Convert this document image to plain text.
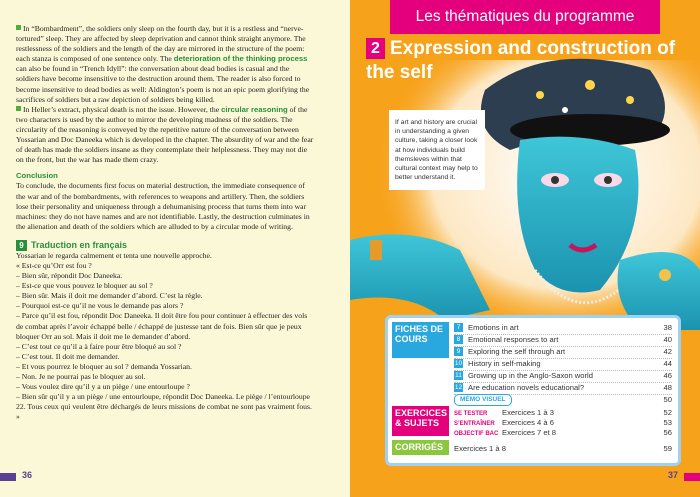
In “Bombardment”, the soldiers only sleep on the fourth day, but it is a restless and “nerve-tortured” sleep. They are affected by sleep deprivation and cannot think straight anymore. The restlessness of the soldiers and the length of the day are mirrored in the structure of the poem: each stanza is composed of one sentence only. The deterioration of the thinking process can also be found in “Trench Idyll”: the conversation about dead bodies is casual and the soldiers have become insensitive to the destruction around them. The reader is also forced to become insensitive to dead bodies as well: Aldington’s poem is not an epic poem glorifying the sacrifices of soldiers but a raw depiction of soldiers being killed.

In Heller’s extract, physical death is not the issue. However, the circular reasoning of the two characters is used by the author to mirror the developing madness of the soldiers. The circularity of the reasoning is conveyed by the repetitive nature of the conversation between Yossarian and Doc Daneeka which is developed in the chapter. The absurdity of war and the fear of death has made the soldiers insane as they contemplate their helplessness. They may not die on the front, but the war has made them crazy.

Conclusion

To conclude, the documents first focus on material destruction, the immediate consequence of the war and of the bombardments, with references to weapons and artillery. Then, the soldiers lose their personality and uniqueness through a dehumanising process that turns them into war machines: they do not have names and are not identifiable. Lastly, the destruction culminates in the alienation and death of the soldiers which are alluded to by a circular mode of writing.

9 Traduction en français

Yossarian le regarda calmement et tenta une nouvelle approche.

« Est-ce qu’Orr est fou ?

– Bien sûr, répondit Doc Daneeka.

– Est-ce que vous pouvez le bloquer au sol ?

– Bien sûr. Mais il doit me demander d’abord. C’est la règle.

– Pourquoi est-ce qu’il ne vous le demande pas alors ?

– Parce qu’il est fou, répondit Doc Daneeka. Il doit être fou pour continuer à effectuer des vols de combat après l’avoir échappé belle / échappé de justesse tant de fois. Bien sûr que je peux bloquer Orr au sol. Mais il doit me le demander d’abord.

– C’est tout ce qu’il a à faire pour être bloqué au sol ?

– C’est tout. Il doit me demander.

– Et vous pourrez le bloquer au sol ? demanda Yossarian.

– Non. Je ne pourrai pas le bloquer au sol.

– Vous voulez dire qu’il y a un piège / une entourloupe ?

– Bien sûr qu’il y a un piège / une entourloupe, répondit Doc Daneeka. Le piège / l’entourloupe 22. Tous ceux qui veulent être déchargés de leurs missions de combat ne sont pas vraiment fous. »

36
Les thématiques du programme
2 Expression and construction of the self
If art and history are crucial in understanding a given culture, taking a closer look at how individuals build themsleves within that cultural context may help to better understand it.
FICHES DE COURS
7 Emotions in art	38
8 Emotional responses to art	40
9 Exploring the self through art	42
10 History in self-making	44
11 Growing up in the Anglo-Saxon world	46
12 Are education novels educational?	48
MÉMO VISUEL	50
EXERCICES & SUJETS
SE TESTER Exercices 1 à 3	52
S’ENTRAÎNER Exercices 4 à 6	53
OBJECTIF BAC Exercices 7 et 8	56
CORRIGÉS	Exercices 1 à 8	59
37
